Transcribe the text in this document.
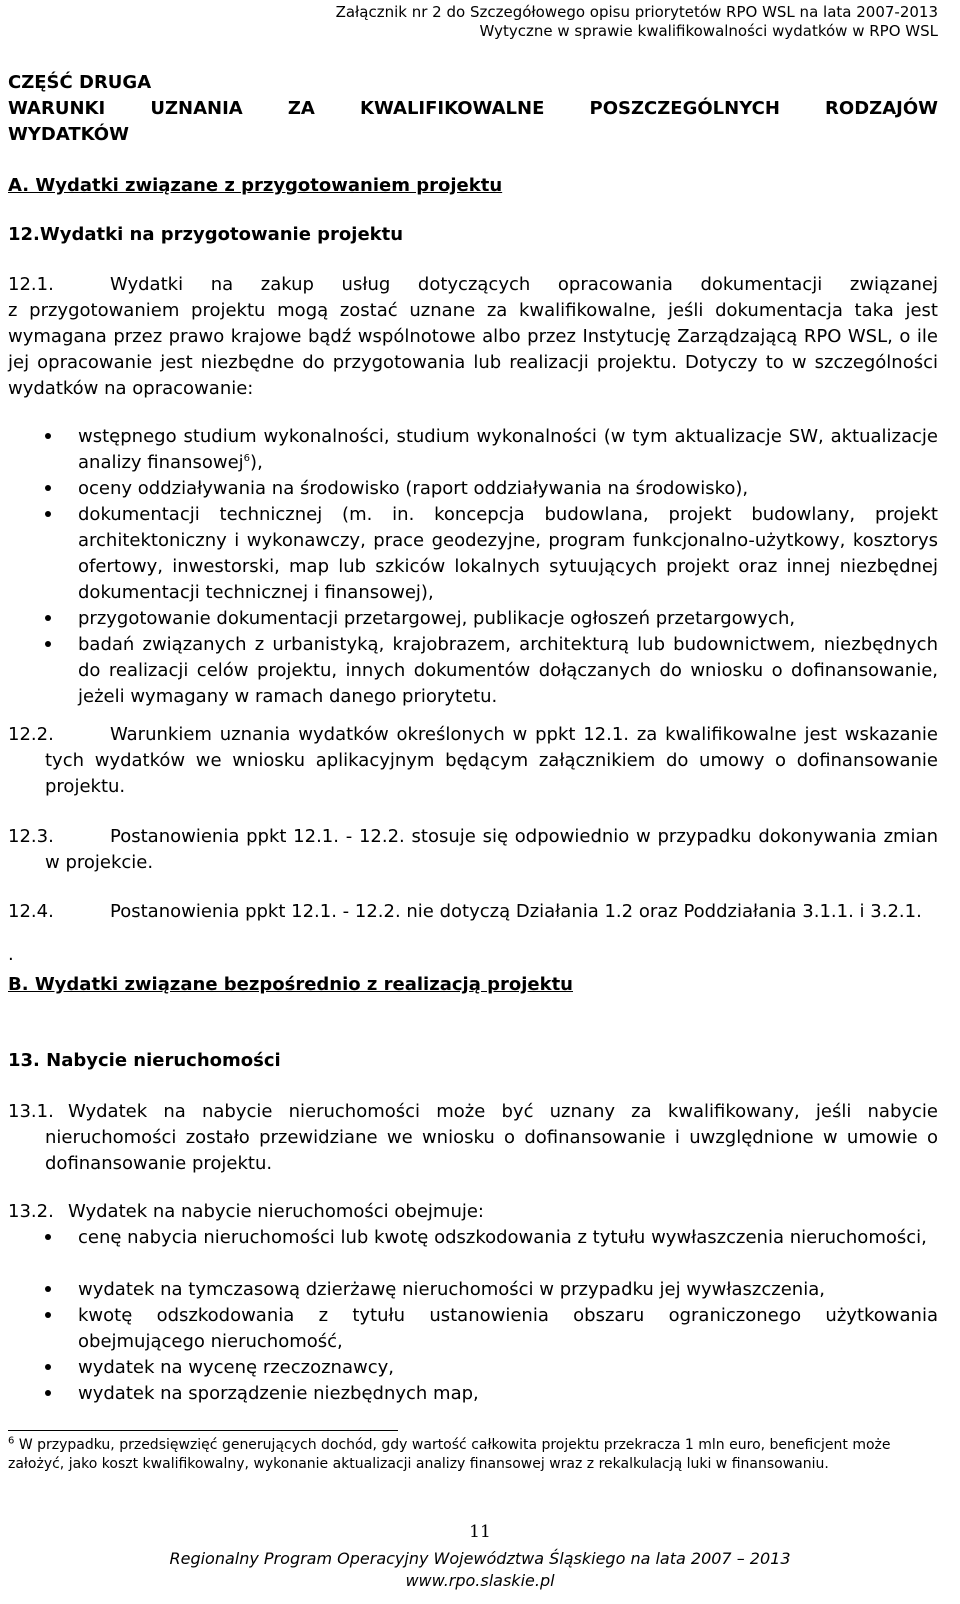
Załącznik nr 2 do Szczegółowego opisu priorytetów RPO WSL na lata 2007-2013
Wytyczne w sprawie kwalifikowalności wydatków w RPO WSL
CZĘŚĆ DRUGA
WARUNKI UZNANIA ZA KWALIFIKOWALNE POSZCZEGÓLNYCH RODZAJÓW
WYDATKÓW
A. Wydatki związane z przygotowaniem projektu
12.Wydatki na przygotowanie projektu
12.1.	Wydatki na zakup usług dotyczących opracowania dokumentacji związanej
z przygotowaniem projektu mogą zostać uznane za kwalifikowalne, jeśli dokumentacja taka jest wymagana przez prawo krajowe bądź wspólnotowe albo przez Instytucję Zarządzającą RPO WSL, o ile jej opracowanie jest niezbędne do przygotowania lub realizacji projektu. Dotyczy to w szczególności wydatków na opracowanie:
wstępnego studium wykonalności, studium wykonalności (w tym aktualizacje SW, aktualizacje analizy finansowej$^6$),
oceny oddziaływania na środowisko (raport oddziaływania na środowisko),
dokumentacji technicznej (m. in. koncepcja budowlana, projekt budowlany, projekt architektoniczny i wykonawczy, prace geodezyjne, program funkcjonalno-użytkowy, kosztorys ofertowy, inwestorski, map lub szkiców lokalnych sytuujących projekt oraz innej niezbędnej dokumentacji technicznej i finansowej),
przygotowanie dokumentacji przetargowej, publikacje ogłoszeń przetargowych,
badań związanych z urbanistyką, krajobrazem, architekturą lub budownictwem, niezbędnych do realizacji celów projektu, innych dokumentów dołączanych do wniosku o dofinansowanie, jeżeli wymagany w ramach danego priorytetu.
12.2.	Warunkiem uznania wydatków określonych w ppkt 12.1. za kwalifikowalne jest wskazanie tych wydatków we wniosku aplikacyjnym będącym załącznikiem do umowy o dofinansowanie projektu.
12.3.	Postanowienia ppkt 12.1. - 12.2. stosuje się odpowiednio w przypadku dokonywania zmian w projekcie.
12.4.	Postanowienia ppkt 12.1. - 12.2. nie dotyczą Działania 1.2 oraz Poddziałania 3.1.1. i 3.2.1.
.
B. Wydatki związane bezpośrednio z realizacją projektu
13. Nabycie nieruchomości
13.1. Wydatek na nabycie nieruchomości może być uznany za kwalifikowany, jeśli nabycie nieruchomości zostało przewidziane we wniosku o dofinansowanie i uwzględnione w umowie o dofinansowanie projektu.
13.2. Wydatek na nabycie nieruchomości obejmuje:
cenę nabycia nieruchomości lub kwotę odszkodowania z tytułu wywłaszczenia nieruchomości,
wydatek na tymczasową dzierżawę nieruchomości w przypadku jej wywłaszczenia,
kwotę odszkodowania z tytułu ustanowienia obszaru ograniczonego użytkowania obejmującego nieruchomość,
wydatek na wycenę rzeczoznawcy,
wydatek na sporządzenie niezbędnych map,
$^6$ W przypadku, przedsięwzięć generujących dochód, gdy wartość całkowita projektu przekracza 1 mln euro, beneficjent może założyć, jako koszt kwalifikowalny, wykonanie aktualizacji analizy finansowej wraz z rekalkulacją luki w finansowaniu.
11
Regionalny Program Operacyjny Województwa Śląskiego na lata 2007 – 2013
www.rpo.slaskie.pl
